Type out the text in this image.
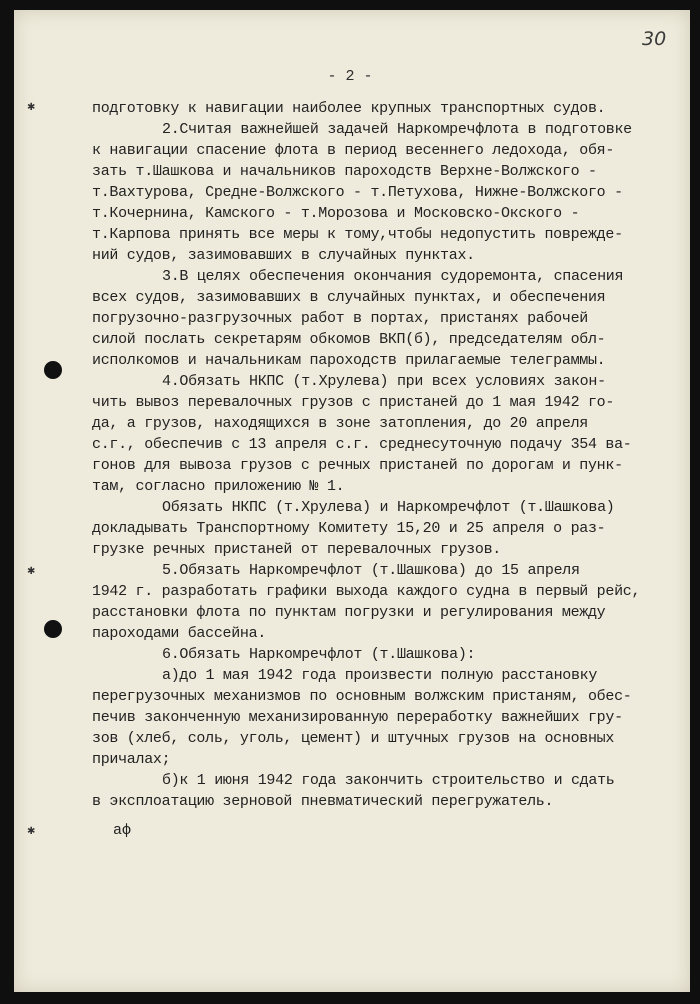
30
- 2 -
✱
✱
✱
подготовку к навигации наиболее крупных транспортных судов.
2.Считая важнейшей задачей Наркомречфлота в подготовке
к навигации спасение флота в период весеннего ледохода, обя-
зать т.Шашкова и начальников пароходств Верхне-Волжского -
т.Вахтурова, Средне-Волжского - т.Петухова, Нижне-Волжского -
т.Кочернина, Камского - т.Морозова и Московско-Окского -
т.Карпова принять все меры к тому,чтобы недопустить поврежде-
ний судов, зазимовавших в случайных пунктах.
3.В целях обеспечения окончания судоремонта, спасения
всех судов, зазимовавших в случайных пунктах, и обеспечения
погрузочно-разгрузочных работ в портах, пристанях рабочей
силой послать секретарям обкомов ВКП(б), председателям обл-
исполкомов и начальникам пароходств прилагаемые телеграммы.
4.Обязать НКПС (т.Хрулева) при всех условиях закон-
чить вывоз перевалочных грузов с пристаней до 1 мая 1942 го-
да, а грузов, находящихся в зоне затопления, до 20 апреля
с.г., обеспечив с 13 апреля с.г. среднесуточную подачу 354 ва-
гонов для вывоза грузов с речных пристаней по дорогам и пунк-
там, согласно приложению № 1.
Обязать НКПС (т.Хрулева) и Наркомречфлот (т.Шашкова)
докладывать Транспортному Комитету 15,20 и 25 апреля о раз-
грузке речных пристаней от перевалочных грузов.
5.Обязать Наркомречфлот (т.Шашкова) до 15 апреля
1942 г. разработать графики выхода каждого судна в первый рейс,
расстановки флота по пунктам погрузки и регулирования между
пароходами бассейна.
6.Обязать Наркомречфлот (т.Шашкова):
а)до 1 мая 1942 года произвести полную расстановку
перегрузочных механизмов по основным волжским пристаням, обес-
печив законченную механизированную переработку важнейших гру-
зов (хлеб, соль, уголь, цемент) и штучных грузов на основных
причалах;
б)к 1 июня 1942 года закончить строительство и сдать
в эксплоатацию зерновой пневматический перегружатель.
аф
